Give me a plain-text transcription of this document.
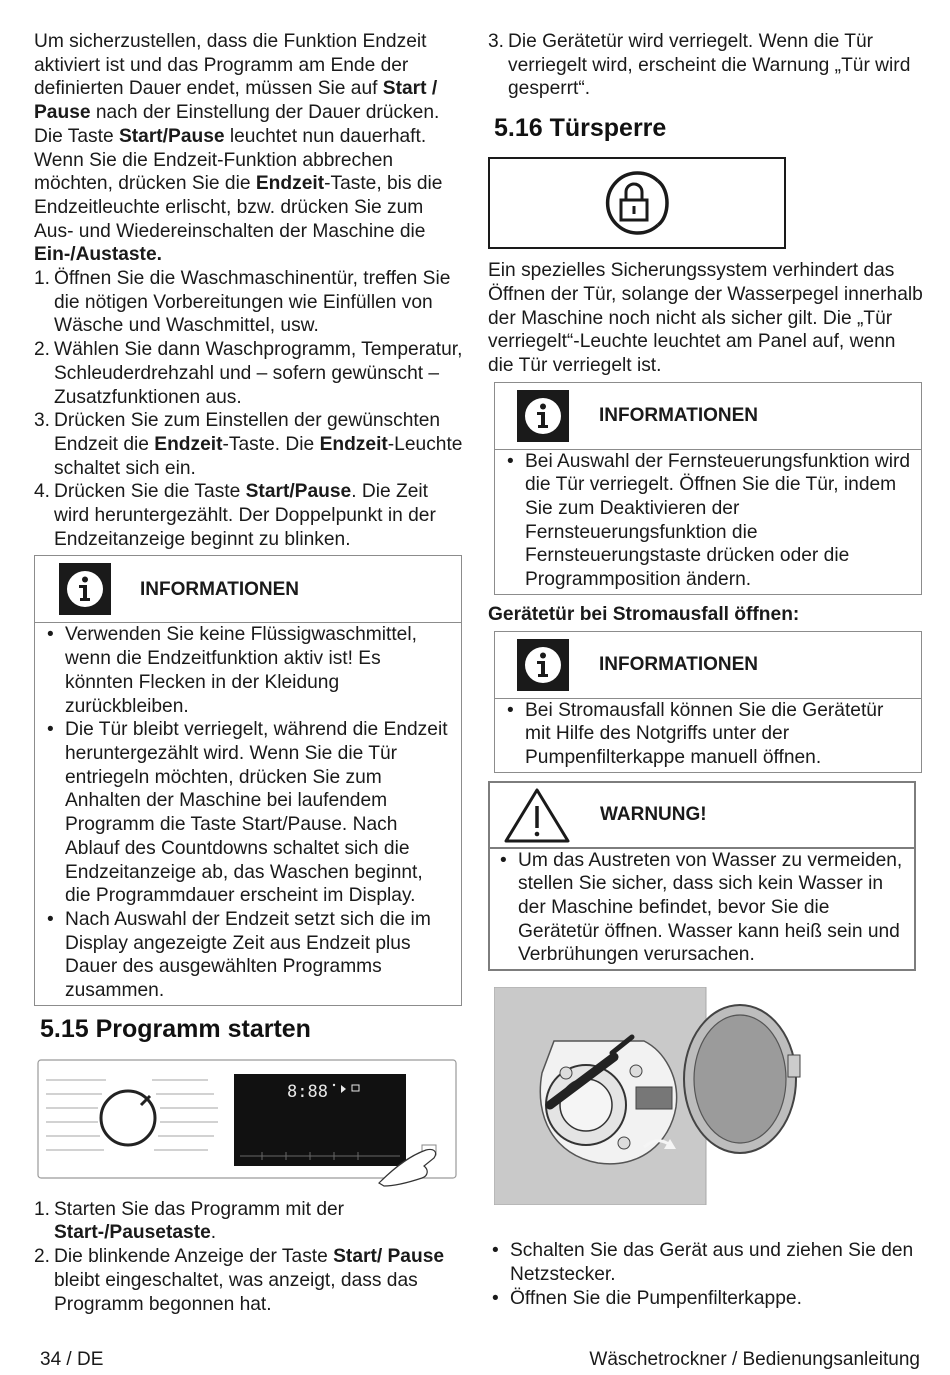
Um sicherzustellen, dass die Funktion Endzeit aktiviert ist und das Programm am Ende der definierten Dauer endet, müssen Sie auf Start / Pause nach der Einstellung der Dauer drücken. Die Taste Start/Pause leuchtet nun dauerhaft. Wenn Sie die Endzeit-Funktion abbrechen möchten, drücken Sie die Endzeit-Taste, bis die Endzeitleuchte erlischt, bzw. drücken Sie zum Aus- und Wiedereinschalten der Maschine die Ein-/Austaste.

1. Öffnen Sie die Waschmaschinentür, treffen Sie die nötigen Vorbereitungen wie Einfüllen von Wäsche und Waschmittel, usw.
2. Wählen Sie dann Waschprogramm, Temperatur, Schleuderdrehzahl und – sofern gewünscht – Zusatzfunktionen aus.
3. Drücken Sie zum Einstellen der gewünschten Endzeit die Endzeit-Taste. Die Endzeit-Leuchte schaltet sich ein.
4. Drücken Sie die Taste Start/Pause. Die Zeit wird heruntergezählt. Der Doppelpunkt in der Endzeitanzeige beginnt zu blinken.
INFORMATIONEN
• Verwenden Sie keine Flüssigwaschmittel, wenn die Endzeitfunktion aktiv ist! Es könnten Flecken in der Kleidung zurückbleiben.
• Die Tür bleibt verriegelt, während die Endzeit heruntergezählt wird. Wenn Sie die Tür entriegeln möchten, drücken Sie zum Anhalten der Maschine bei laufendem Programm die Taste Start/Pause. Nach Ablauf des Countdowns schaltet sich die Endzeitanzeige ab, das Waschen beginnt, die Programmdauer erscheint im Display.
• Nach Auswahl der Endzeit setzt sich die im Display angezeigte Zeit aus Endzeit plus Dauer des ausgewählten Programms zusammen.
5.15 Programm starten
8:88
1. Starten Sie das Programm mit der Start-/Pausetaste.
2. Die blinkende Anzeige der Taste Start/ Pause bleibt eingeschaltet, was anzeigt, dass das Programm begonnen hat.
3. Die Gerätetür wird verriegelt. Wenn die Tür verriegelt wird, erscheint die Warnung „Tür wird gesperrt“.
5.16 Türsperre

Ein spezielles Sicherungssystem verhindert das Öffnen der Tür, solange der Wasserpegel innerhalb der Maschine noch nicht als sicher gilt. Die „Tür verriegelt“-Leuchte leuchtet am Panel auf, wenn die Tür verriegelt ist.

INFORMATIONEN
• Bei Auswahl der Fernsteuerungsfunktion wird die Tür verriegelt. Öffnen Sie die Tür, indem Sie zum Deaktivieren der Fernsteuerungsfunktion die Fernsteuerungstaste drücken oder die Programmposition ändern.

Gerätetür bei Stromausfall öffnen:

INFORMATIONEN
• Bei Stromausfall können Sie die Gerätetür mit Hilfe des Notgriffs unter der Pumpenfilterkappe manuell öffnen.
WARNUNG!
• Um das Austreten von Wasser zu vermeiden, stellen Sie sicher, dass sich kein Wasser in der Maschine befindet, bevor Sie die Gerätetür öffnen. Wasser kann heiß sein und Verbrühungen verursachen.
• Schalten Sie das Gerät aus und ziehen Sie den Netzstecker.
• Öffnen Sie die Pumpenfilterkappe.
34 / DE	Wäschetrockner / Bedienungsanleitung
